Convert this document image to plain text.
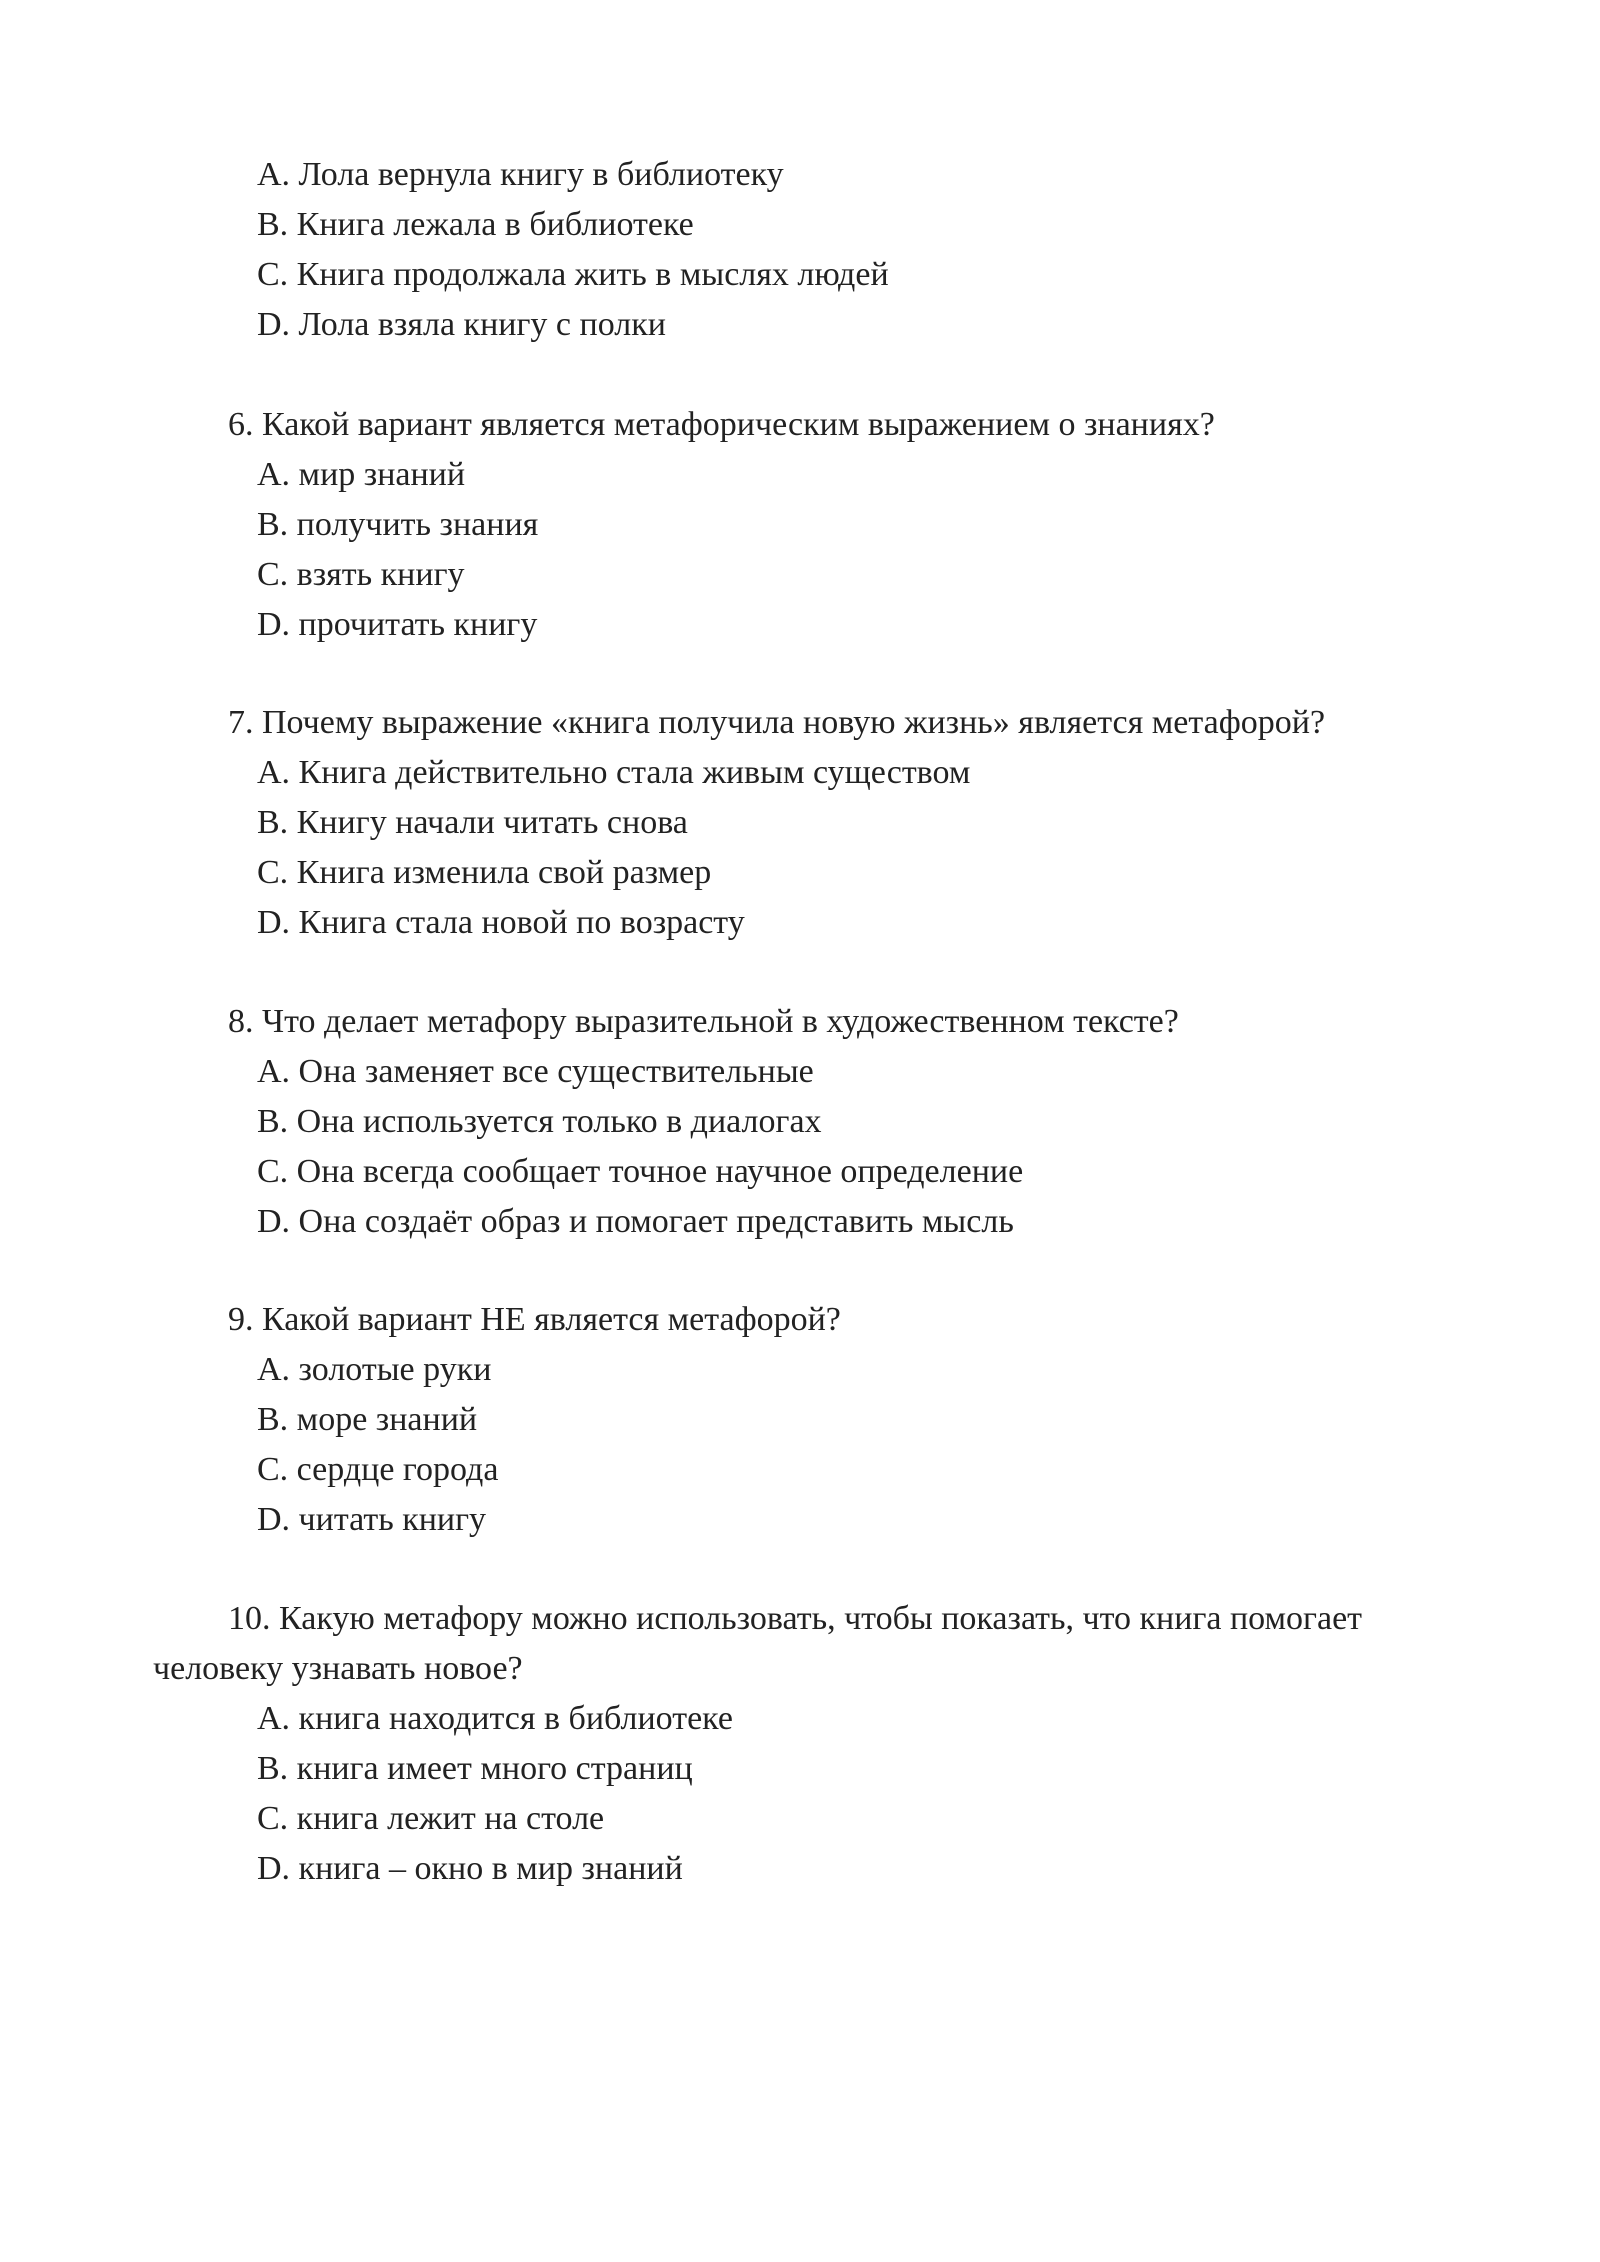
A. Лола вернула книгу в библиотеку
B. Книга лежала в библиотеке
C. Книга продолжала жить в мыслях людей
D. Лола взяла книгу с полки
6. Какой вариант является метафорическим выражением о знаниях?
A. мир знаний
B. получить знания
C. взять книгу
D. прочитать книгу
7. Почему выражение «книга получила новую жизнь» является метафорой?
A. Книга действительно стала живым существом
B. Книгу начали читать снова
C. Книга изменила свой размер
D. Книга стала новой по возрасту
8. Что делает метафору выразительной в художественном тексте?
A. Она заменяет все существительные
B. Она используется только в диалогах
C. Она всегда сообщает точное научное определение
D. Она создаёт образ и помогает представить мысль
9. Какой вариант НЕ является метафорой?
A. золотые руки
B. море знаний
C. сердце города
D. читать книгу
10. Какую метафору можно использовать, чтобы показать, что книга помогает
человеку узнавать новое?
A. книга находится в библиотеке
B. книга имеет много страниц
C. книга лежит на столе
D. книга – окно в мир знаний
